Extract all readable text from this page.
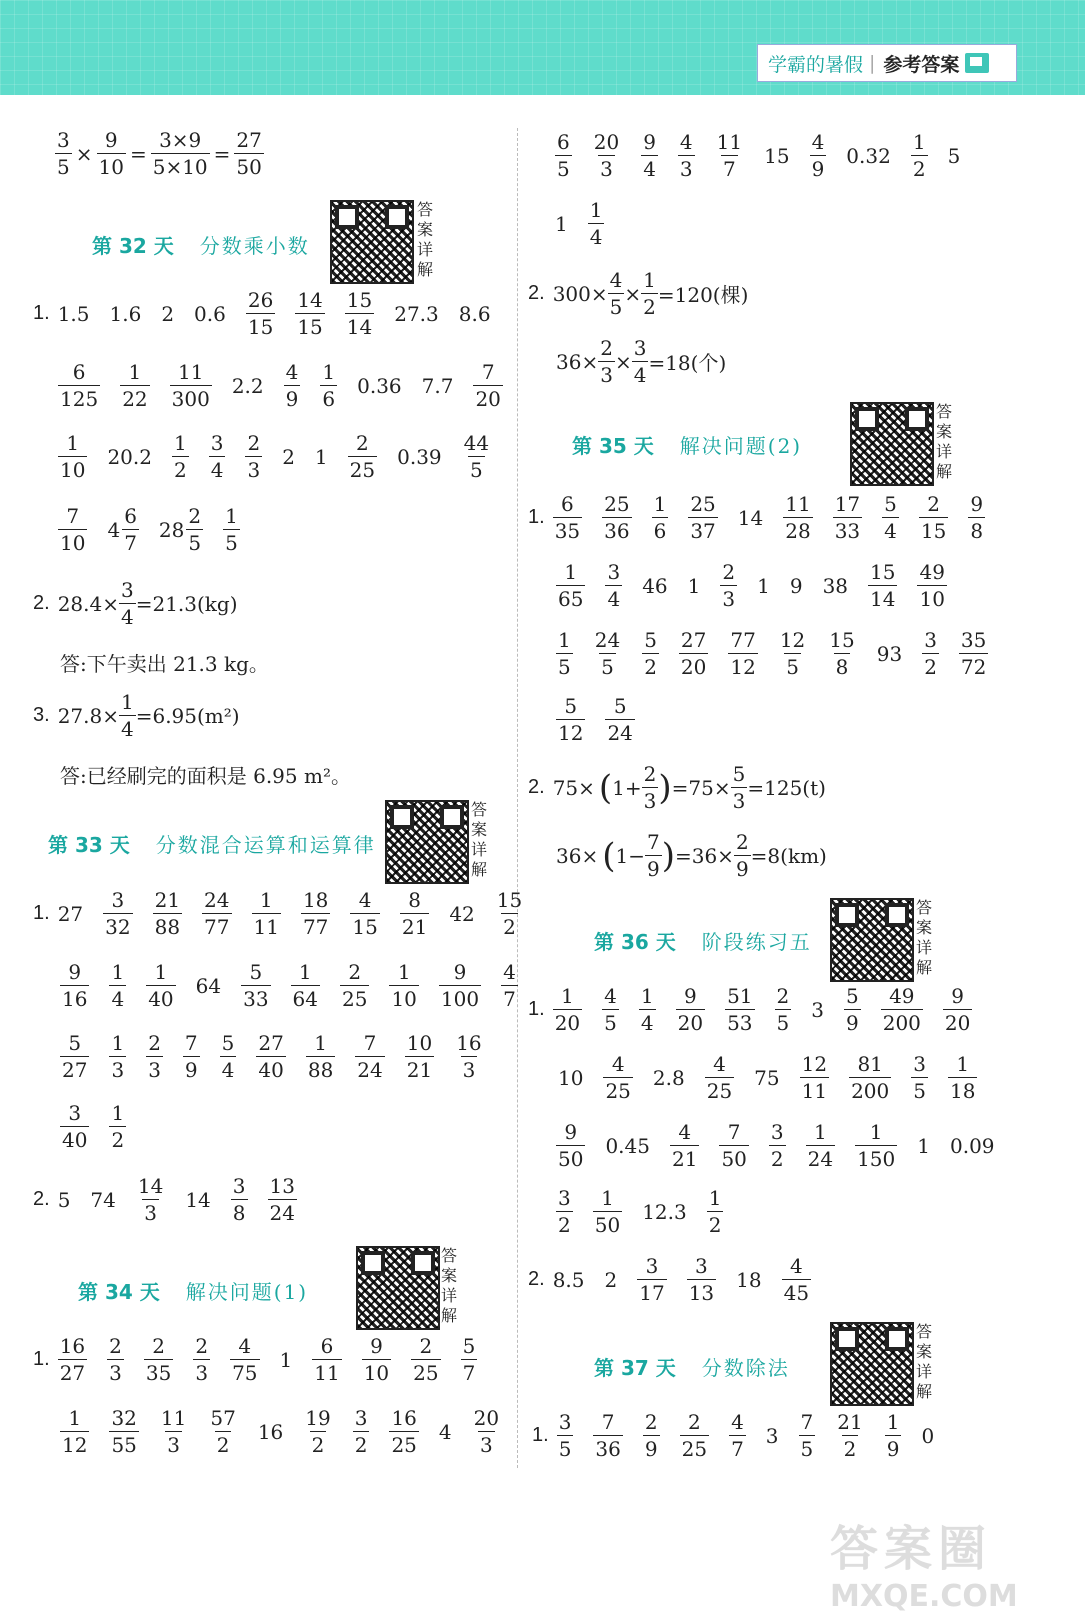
学霸的暑假 | 参考答案
$\frac{3}{5} \times \frac{9}{10} = \frac{3\times 9}{5\times 10} = \frac{27}{50}$
第 32 天 分数乘小数
答案详解
1. 1.5 1.6 2 $0.6 \frac{26}{15} \frac{14}{15} \frac{15}{14} 27.3$ 8.6
$\frac{6}{125} \frac{1}{22} \frac{11}{300} 2.2 \frac{4}{9} \frac{1}{6} 0.36$ $7.7 \frac{7}{20}$
$\frac{1}{10} 20.2 \frac{1}{2} \frac{3}{4} \frac{2}{3} 2$ $1 \frac{2}{25} 0.39 \frac{44}{5}$
$\frac{7}{10} 4 \frac{6}{7} 28 \frac{2}{5} \frac{1}{5}$
2. $28.4\times \frac{3}{4} =21.3(kg)$
答:下午卖出 21.3 kg。
3. $27.8\times \frac{1}{4} =6.95(m^2)$
答:已经刷完的面积是 6.95 m²。
第 33 天 分数混合运算和运算律
答案详解
1. $27 \frac{3}{32} \frac{21}{88} \frac{24}{77} \frac{1}{11} \frac{18}{77} \frac{4}{15} \frac{8}{21} 42 \frac{15}{2}$
$\frac{9}{16} \frac{1}{4} \frac{1}{40} 64 \frac{5}{33} \frac{1}{64} \frac{2}{25} \frac{1}{10} \frac{9}{100} \frac{4}{7}$
$\frac{5}{27} \frac{1}{3} \frac{2}{3} \frac{7}{9} \frac{5}{4} \frac{27}{40} \frac{1}{88} \frac{7}{24} \frac{10}{21} \frac{16}{3}$
$\frac{3}{40} \frac{1}{2}$
2. 5 $74 \frac{14}{3} 14 \frac{3}{8} \frac{13}{24}$
第 34 天 解决问题(1)
答案详解
1. $\frac{16}{27} \frac{2}{3} \frac{2}{35} \frac{2}{3} \frac{4}{75} 1 \frac{6}{11} \frac{9}{10} \frac{2}{25} \frac{5}{7}$
$\frac{1}{12} \frac{32}{55} \frac{11}{3} \frac{57}{2} 16 \frac{19}{2} \frac{3}{2} \frac{16}{25} 4 \frac{20}{3}$
$\frac{6}{5} \frac{20}{3} \frac{9}{4} \frac{4}{3} \frac{11}{7} 15 \frac{4}{9} 0.32 \frac{1}{2} 5$
$1 \frac{1}{4}$
2. $300\times \frac{4}{5} \times \frac{1}{2} =120$(棵)
$36\times \frac{2}{3} \times \frac{3}{4} =18$(个)
第 35 天 解决问题(2)
答案详解
1. $\frac{6}{35} \frac{25}{36} \frac{1}{6} \frac{25}{37} 14 \frac{11}{28} \frac{17}{33} \frac{5}{4} \frac{2}{15} \frac{9}{8}$
$\frac{1}{65} \frac{3}{4} 46$ $1 \frac{2}{3} 1$ 9 $38 \frac{15}{14} \frac{49}{10}$
$\frac{1}{5} \frac{24}{5} \frac{5}{2} \frac{27}{20} \frac{77}{12} \frac{12}{5} \frac{15}{8} 93 \frac{3}{2} \frac{35}{72}$
$\frac{5}{12} \frac{5}{24}$
2. 75× ( $1+ \frac{2}{3}$ ) $=75\times \frac{5}{3} =125(t)$
36× ( $1- \frac{7}{9}$ ) $=36\times \frac{2}{9} =8(km)$
第 36 天 阶段练习五
答案详解
1. $\frac{1}{20} \frac{4}{5} \frac{1}{4} \frac{9}{20} \frac{51}{53} \frac{2}{5} 3 \frac{5}{9} \frac{49}{200} \frac{9}{20}$
$10 \frac{4}{25} 2.8 \frac{4}{25} 75 \frac{12}{11} \frac{81}{200} \frac{3}{5} \frac{1}{18}$
$\frac{9}{50} 0.45 \frac{4}{21} \frac{7}{50} \frac{3}{2} \frac{1}{24} \frac{1}{150} 1$ 0.09
$\frac{3}{2} \frac{1}{50} 12.3 \frac{1}{2}$
2. 8.5 $2 \frac{3}{17} \frac{3}{13} 18 \frac{4}{45}$
第 37 天 分数除法
答案详解
1. $\frac{3}{5} \frac{7}{36} \frac{2}{9} \frac{2}{25} \frac{4}{7} 3 \frac{7}{5} \frac{21}{2} \frac{1}{9} 0$
答案圈
MXQE.COM
